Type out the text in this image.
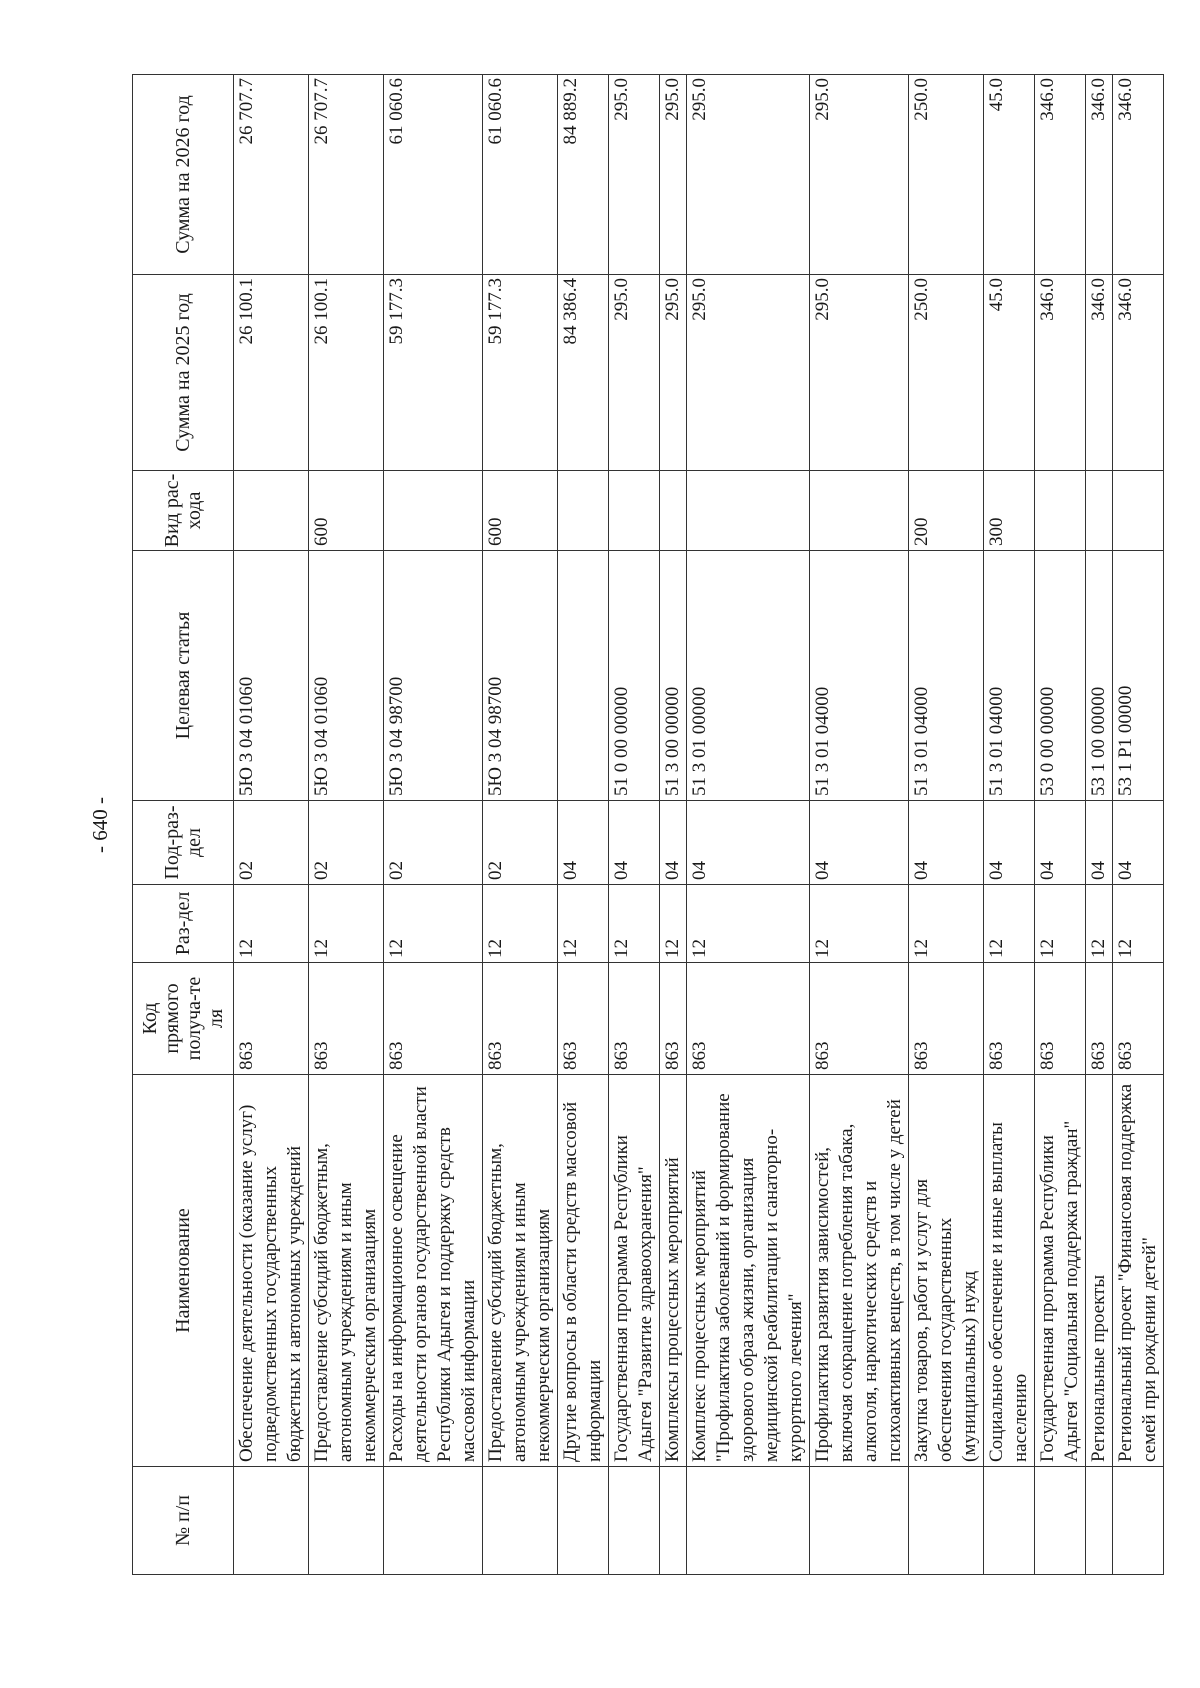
- 640 -
№ п/п	Наименование	Код прямого получа-те ля	Раз-дел	Под-раз-дел	Целевая статья	Вид рас-хода	Сумма на 2025 год	Сумма на 2026 год
	Обеспечение деятельности (оказание услуг) подведомственных государственных бюджетных и автономных учреждений	863	12	02	5Ю 3 04 01060		26 100.1	26 707.7
	Предоставление субсидий бюджетным, автономным учреждениям и иным некоммерческим организациям	863	12	02	5Ю 3 04 01060	600	26 100.1	26 707.7
	Расходы на информационное освещение деятельности органов государственной власти Республики Адыгея и поддержку средств массовой информации	863	12	02	5Ю 3 04 98700		59 177.3	61 060.6
	Предоставление субсидий бюджетным, автономным учреждениям и иным некоммерческим организациям	863	12	02	5Ю 3 04 98700	600	59 177.3	61 060.6
	Другие вопросы в области средств массовой информации	863	12	04			84 386.4	84 889.2
	Государственная программа Республики Адыгея "Развитие здравоохранения"	863	12	04	51 0 00 00000		295.0	295.0
	Комплексы процессных мероприятий	863	12	04	51 3 00 00000		295.0	295.0
	Комплекс процессных мероприятий "Профилактика заболеваний и формирование здорового образа жизни, организация медицинской реабилитации и санаторно-курортного лечения"	863	12	04	51 3 01 00000		295.0	295.0
	Профилактика развития зависимостей, включая сокращение потребления табака, алкоголя, наркотических средств и психоактивных веществ, в том числе у детей	863	12	04	51 3 01 04000		295.0	295.0
	Закупка товаров, работ и услуг для обеспечения государственных (муниципальных) нужд	863	12	04	51 3 01 04000	200	250.0	250.0
	Социальное обеспечение и иные выплаты населению	863	12	04	51 3 01 04000	300	45.0	45.0
	Государственная программа Республики Адыгея "Социальная поддержка граждан"	863	12	04	53 0 00 00000		346.0	346.0
	Региональные проекты	863	12	04	53 1 00 00000		346.0	346.0
	Региональный проект "Финансовая поддержка семей при рождении детей"	863	12	04	53 1 Р1 00000		346.0	346.0
